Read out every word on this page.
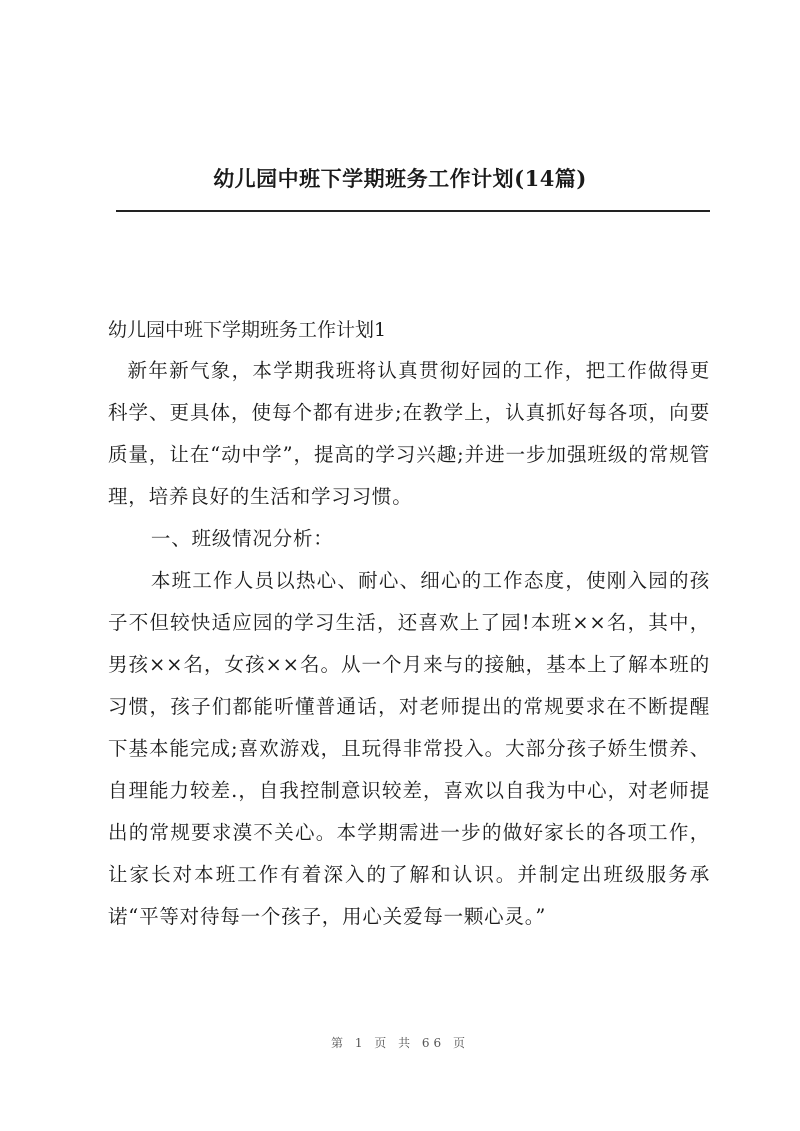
幼儿园中班下学期班务工作计划(14篇)
幼儿园中班下学期班务工作计划1

新年新气象，本学期我班将认真贯彻好园的工作，把工作做得更科学、更具体，使每个都有进步;在教学上，认真抓好每各项，向要质量，让在“动中学”，提高的学习兴趣;并进一步加强班级的常规管理，培养良好的生活和学习习惯。

一、班级情况分析：

本班工作人员以热心、耐心、细心的工作态度，使刚入园的孩子不但较快适应园的学习生活，还喜欢上了园!本班××名，其中，男孩××名，女孩××名。从一个月来与的接触，基本上了解本班的习惯，孩子们都能听懂普通话，对老师提出的常规要求在不断提醒下基本能完成;喜欢游戏，且玩得非常投入。大部分孩子娇生惯养、自理能力较差.，自我控制意识较差，喜欢以自我为中心，对老师提出的常规要求漠不关心。本学期需进一步的做好家长的各项工作，让家长对本班工作有着深入的了解和认识。并制定出班级服务承诺“平等对待每一个孩子，用心关爱每一颗心灵。”

第 1 页 共 66 页
